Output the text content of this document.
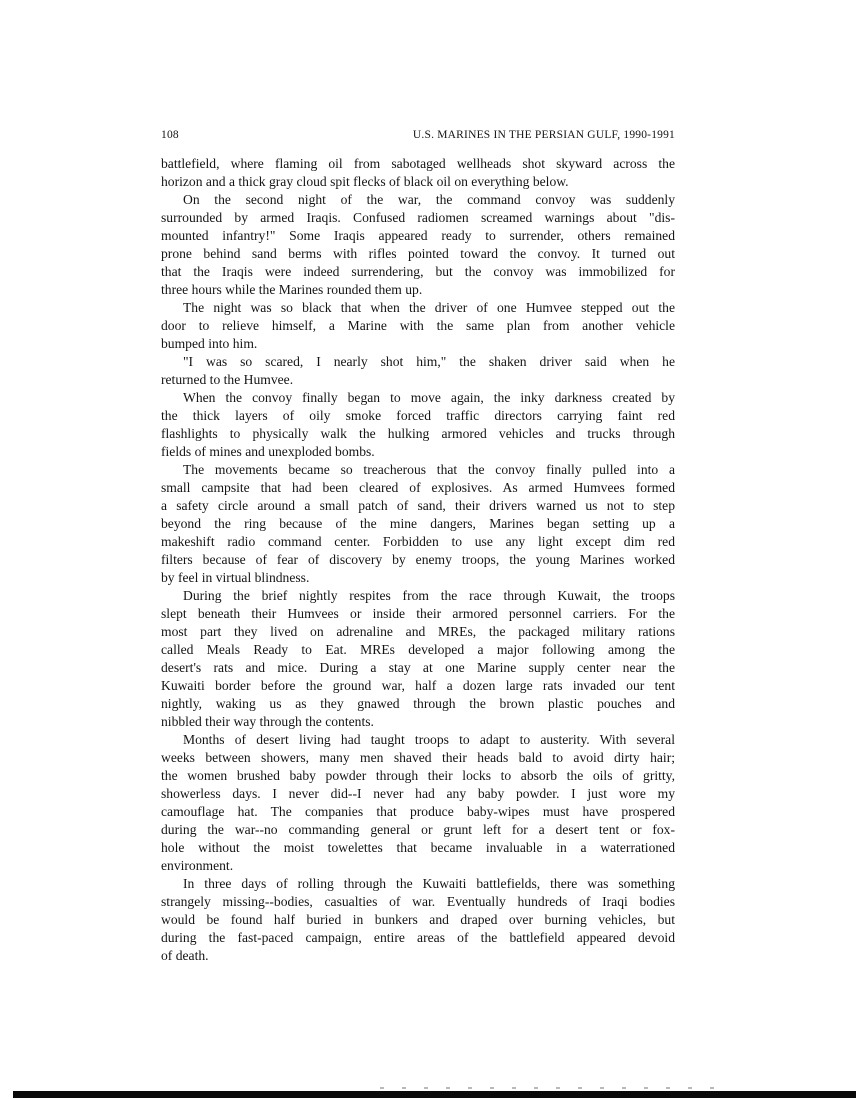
108	U.S. MARINES IN THE PERSIAN GULF, 1990-1991

battlefield, where flaming oil from sabotaged wellheads shot skyward across the
horizon and a thick gray cloud spit flecks of black oil on everything below.

On the second night of the war, the command convoy was suddenly
surrounded by armed Iraqis. Confused radiomen screamed warnings about "dis-
mounted infantry!" Some Iraqis appeared ready to surrender, others remained
prone behind sand berms with rifles pointed toward the convoy. It turned out
that the Iraqis were indeed surrendering, but the convoy was immobilized for
three hours while the Marines rounded them up.

The night was so black that when the driver of one Humvee stepped out the
door to relieve himself, a Marine with the same plan from another vehicle
bumped into him.

"I was so scared, I nearly shot him," the shaken driver said when he
returned to the Humvee.

When the convoy finally began to move again, the inky darkness created by
the thick layers of oily smoke forced traffic directors carrying faint red
flashlights to physically walk the hulking armored vehicles and trucks through
fields of mines and unexploded bombs.

The movements became so treacherous that the convoy finally pulled into a
small campsite that had been cleared of explosives. As armed Humvees formed
a safety circle around a small patch of sand, their drivers warned us not to step
beyond the ring because of the mine dangers, Marines began setting up a
makeshift radio command center. Forbidden to use any light except dim red
filters because of fear of discovery by enemy troops, the young Marines worked
by feel in virtual blindness.

During the brief nightly respites from the race through Kuwait, the troops
slept beneath their Humvees or inside their armored personnel carriers. For the
most part they lived on adrenaline and MREs, the packaged military rations
called Meals Ready to Eat. MREs developed a major following among the
desert's rats and mice. During a stay at one Marine supply center near the
Kuwaiti border before the ground war, half a dozen large rats invaded our tent
nightly, waking us as they gnawed through the brown plastic pouches and
nibbled their way through the contents.

Months of desert living had taught troops to adapt to austerity. With several
weeks between showers, many men shaved their heads bald to avoid dirty hair;
the women brushed baby powder through their locks to absorb the oils of gritty,
showerless days. I never did--I never had any baby powder. I just wore my
camouflage hat. The companies that produce baby-wipes must have prospered
during the war--no commanding general or grunt left for a desert tent or fox-
hole without the moist towelettes that became invaluable in a waterrationed
environment.

In three days of rolling through the Kuwaiti battlefields, there was something
strangely missing--bodies, casualties of war. Eventually hundreds of Iraqi bodies
would be found half buried in bunkers and draped over burning vehicles, but
during the fast-paced campaign, entire areas of the battlefield appeared devoid
of death.
